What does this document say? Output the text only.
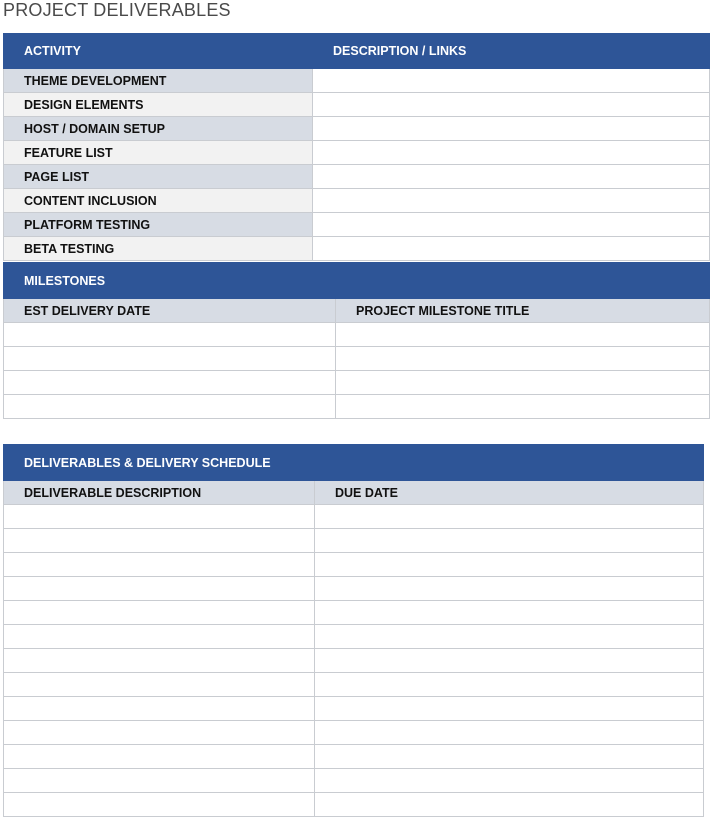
PROJECT DELIVERABLES
ACTIVITY	DESCRIPTION / LINKS
THEME DEVELOPMENT	
DESIGN ELEMENTS	
HOST / DOMAIN SETUP	
FEATURE LIST	
PAGE LIST	
CONTENT INCLUSION	
PLATFORM TESTING	
BETA TESTING	
MILESTONES	
EST DELIVERY DATE	PROJECT MILESTONE TITLE

DELIVERABLES & DELIVERY SCHEDULE	
DELIVERABLE DESCRIPTION	DUE DATE
